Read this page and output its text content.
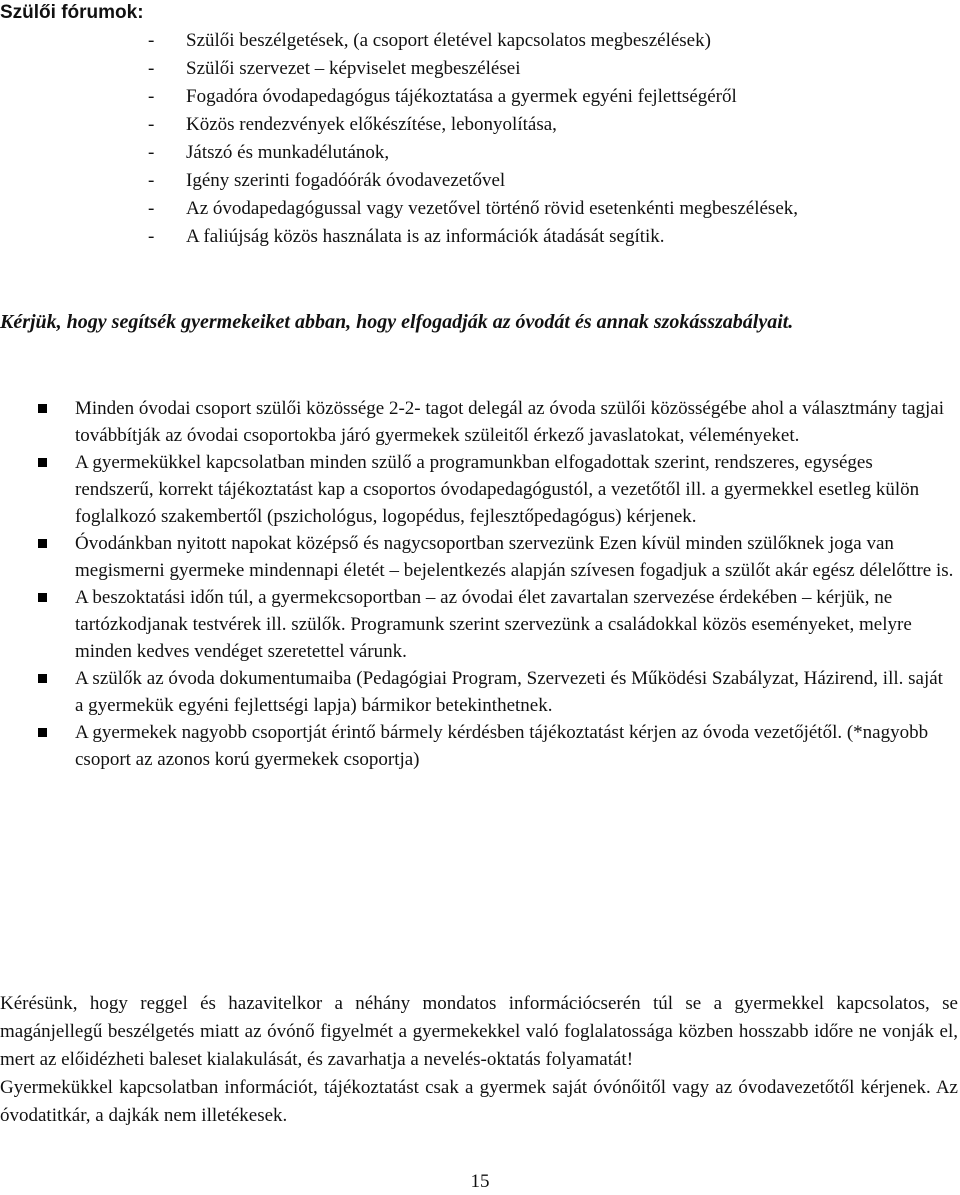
Szülői fórumok:
- Szülői beszélgetések, (a csoport életével kapcsolatos megbeszélések)
- Szülői szervezet – képviselet megbeszélései
- Fogadóra óvodapedagógus tájékoztatása a gyermek egyéni fejlettségéről
- Közös rendezvények előkészítése, lebonyolítása,
- Játszó és munkadélutánok,
- Igény szerinti fogadóórák óvodavezetővel
- Az óvodapedagógussal vagy vezetővel történő rövid esetenkénti megbeszélések,
- A faliújság közös használata is az információk átadását segítik.

Kérjük, hogy segítsék gyermekeiket abban, hogy elfogadják az óvodát és annak szokásszabályait.

Minden óvodai csoport szülői közössége 2-2- tagot delegál az óvoda szülői közösségébe ahol a választmány tagjai továbbítják az óvodai csoportokba járó gyermekek szüleitől érkező javaslatokat, véleményeket.
A gyermekükkel kapcsolatban minden szülő a programunkban elfogadottak szerint, rendszeres, egységes rendszerű, korrekt tájékoztatást kap a csoportos óvodapedagógustól, a vezetőtől ill. a gyermekkel esetleg külön foglalkozó szakembertől (pszichológus, logopédus, fejlesztőpedagógus) kérjenek.
Óvodánkban nyitott napokat középső és nagycsoportban szervezünk Ezen kívül minden szülőknek joga van megismerni gyermeke mindennapi életét – bejelentkezés alapján szívesen fogadjuk a szülőt akár egész délelőttre is.
A beszoktatási időn túl, a gyermekcsoportban – az óvodai élet zavartalan szervezése érdekében – kérjük, ne tartózkodjanak testvérek ill. szülők. Programunk szerint szervezünk a családokkal közös eseményeket, melyre minden kedves vendéget szeretettel várunk.
A szülők az óvoda dokumentumaiba (Pedagógiai Program, Szervezeti és Működési Szabályzat, Házirend, ill. saját a gyermekük egyéni fejlettségi lapja) bármikor betekinthetnek.
A gyermekek nagyobb csoportját érintő bármely kérdésben tájékoztatást kérjen az óvoda vezetőjétől. (*nagyobb csoport az azonos korú gyermekek csoportja)

Kérésünk, hogy reggel és hazavitelkor a néhány mondatos információcserén túl se a gyermekkel kapcsolatos, se magánjellegű beszélgetés miatt az óvónő figyelmét a gyermekekkel való foglalatossága közben hosszabb időre ne vonják el, mert az előidézheti baleset kialakulását, és zavarhatja a nevelés-oktatás folyamatát!

Gyermekükkel kapcsolatban információt, tájékoztatást csak a gyermek saját óvónőitől vagy az óvodavezetőtől kérjenek. Az óvodatitkár, a dajkák nem illetékesek.

15
